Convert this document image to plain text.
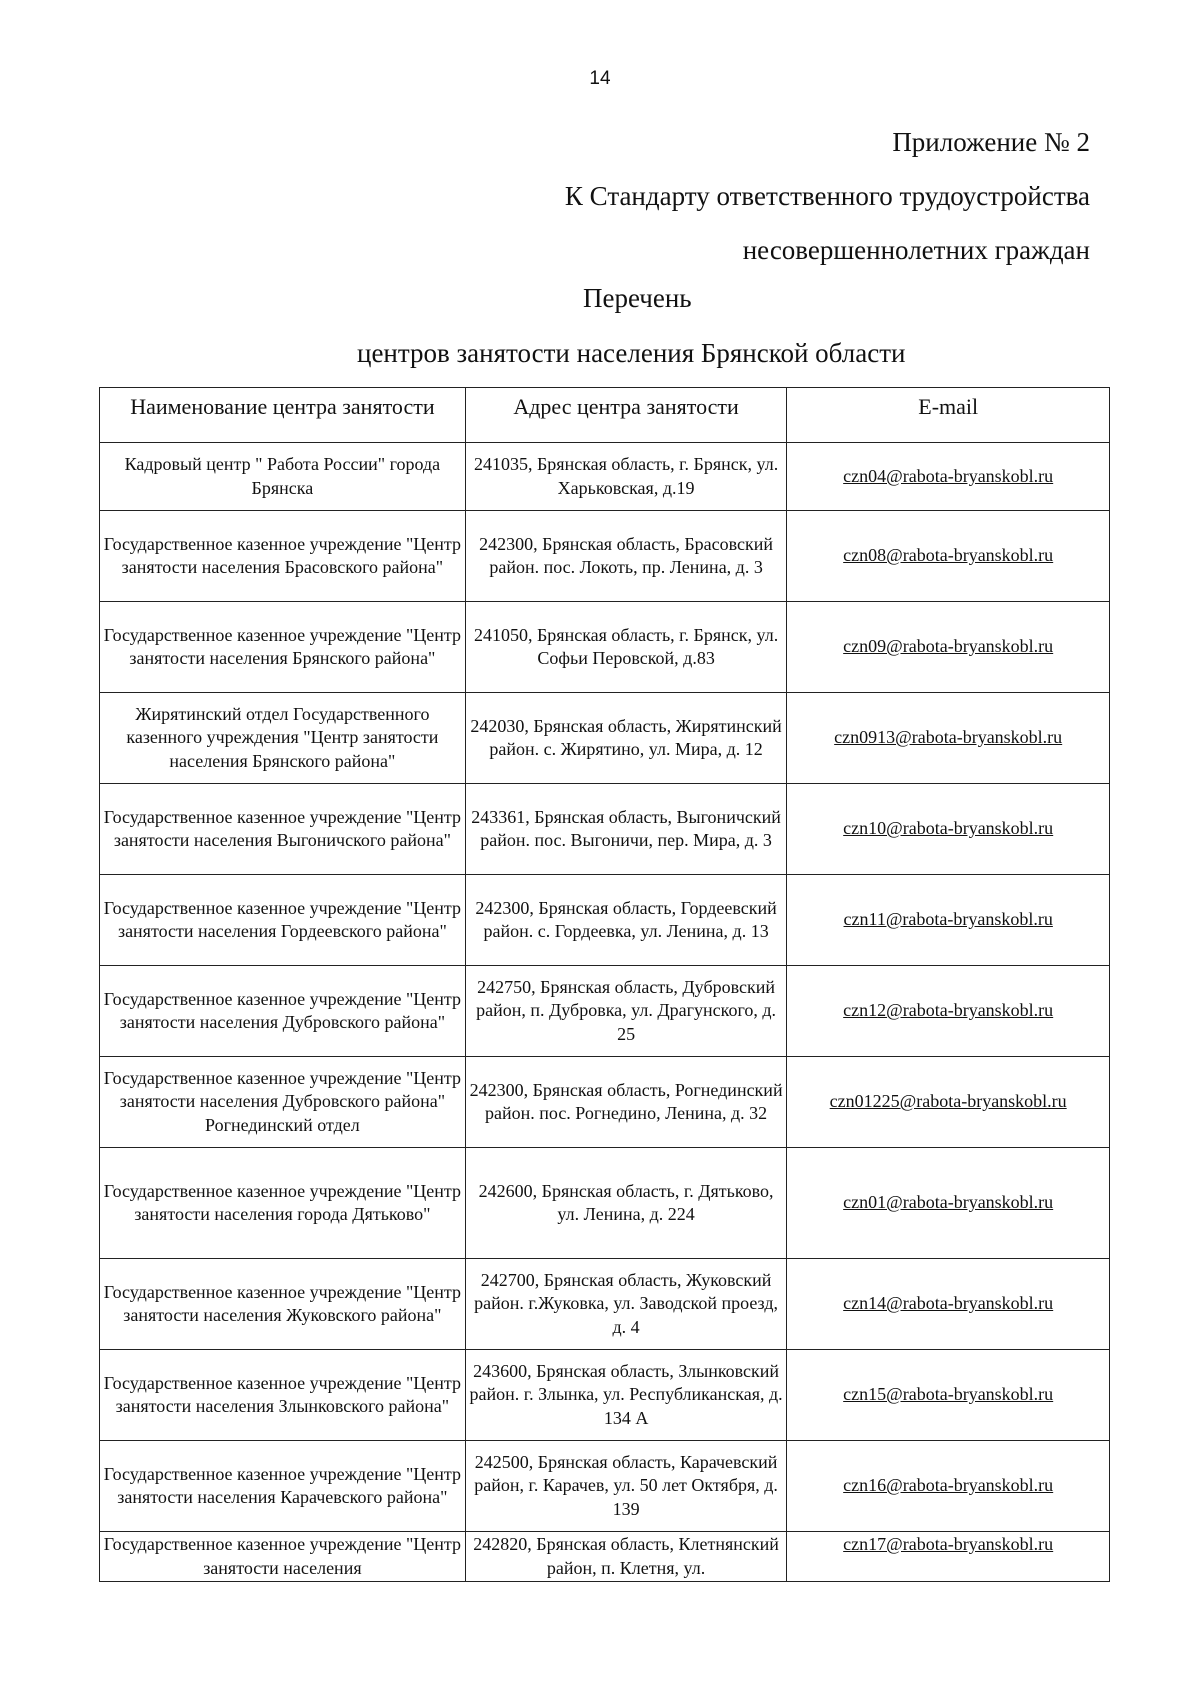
14
Приложение № 2
К Стандарту ответственного трудоустройства
несовершеннолетних граждан
Перечень
центров занятости населения Брянской области
Наименование центра занятости	Адрес центра занятости	E-mail
Кадровый центр " Работа России" города Брянска	241035, Брянская область, г. Брянск, ул. Харьковская, д.19	czn04@rabota-bryanskobl.ru
Государственное казенное учреждение "Центр занятости населения Брасовского района"	242300, Брянская область, Брасовский район. пос. Локоть, пр. Ленина, д. 3	czn08@rabota-bryanskobl.ru
Государственное казенное учреждение "Центр занятости населения Брянского района"	241050, Брянская область, г. Брянск, ул. Софьи Перовской, д.83	czn09@rabota-bryanskobl.ru
Жирятинский отдел Государственного казенного учреждения "Центр занятости населения Брянского района"	242030, Брянская область, Жирятинский район. с. Жирятино, ул. Мира, д. 12	czn0913@rabota-bryanskobl.ru
Государственное казенное учреждение "Центр занятости населения Выгоничского района"	243361, Брянская область, Выгоничский район. пос. Выгоничи, пер. Мира, д. 3	czn10@rabota-bryanskobl.ru
Государственное казенное учреждение "Центр занятости населения Гордеевского района"	242300, Брянская область, Гордеевский район. с. Гордеевка, ул. Ленина, д. 13	czn11@rabota-bryanskobl.ru
Государственное казенное учреждение "Центр занятости населения Дубровского района"	242750, Брянская область, Дубровский район, п. Дубровка, ул. Драгунского, д. 25	czn12@rabota-bryanskobl.ru
Государственное казенное учреждение "Центр занятости населения Дубровского района" Рогнединский отдел	242300, Брянская область, Рогнединский район. пос. Рогнедино, Ленина, д. 32	czn01225@rabota-bryanskobl.ru
Государственное казенное учреждение "Центр занятости населения города Дятьково"	242600, Брянская область, г. Дятьково, ул. Ленина, д. 224	czn01@rabota-bryanskobl.ru
Государственное казенное учреждение "Центр занятости населения Жуковского района"	242700, Брянская область, Жуковский район. г.Жуковка, ул. Заводской проезд, д. 4	czn14@rabota-bryanskobl.ru
Государственное казенное учреждение "Центр занятости населения Злынковского района"	243600, Брянская область, Злынковский район. г. Злынка, ул. Республиканская, д. 134 А	czn15@rabota-bryanskobl.ru
Государственное казенное учреждение "Центр занятости населения Карачевского района"	242500, Брянская область, Карачевский район, г. Карачев, ул. 50 лет Октября, д. 139	czn16@rabota-bryanskobl.ru
Государственное казенное учреждение "Центр занятости населения	242820, Брянская область, Клетнянский район, п. Клетня, ул.	czn17@rabota-bryanskobl.ru
